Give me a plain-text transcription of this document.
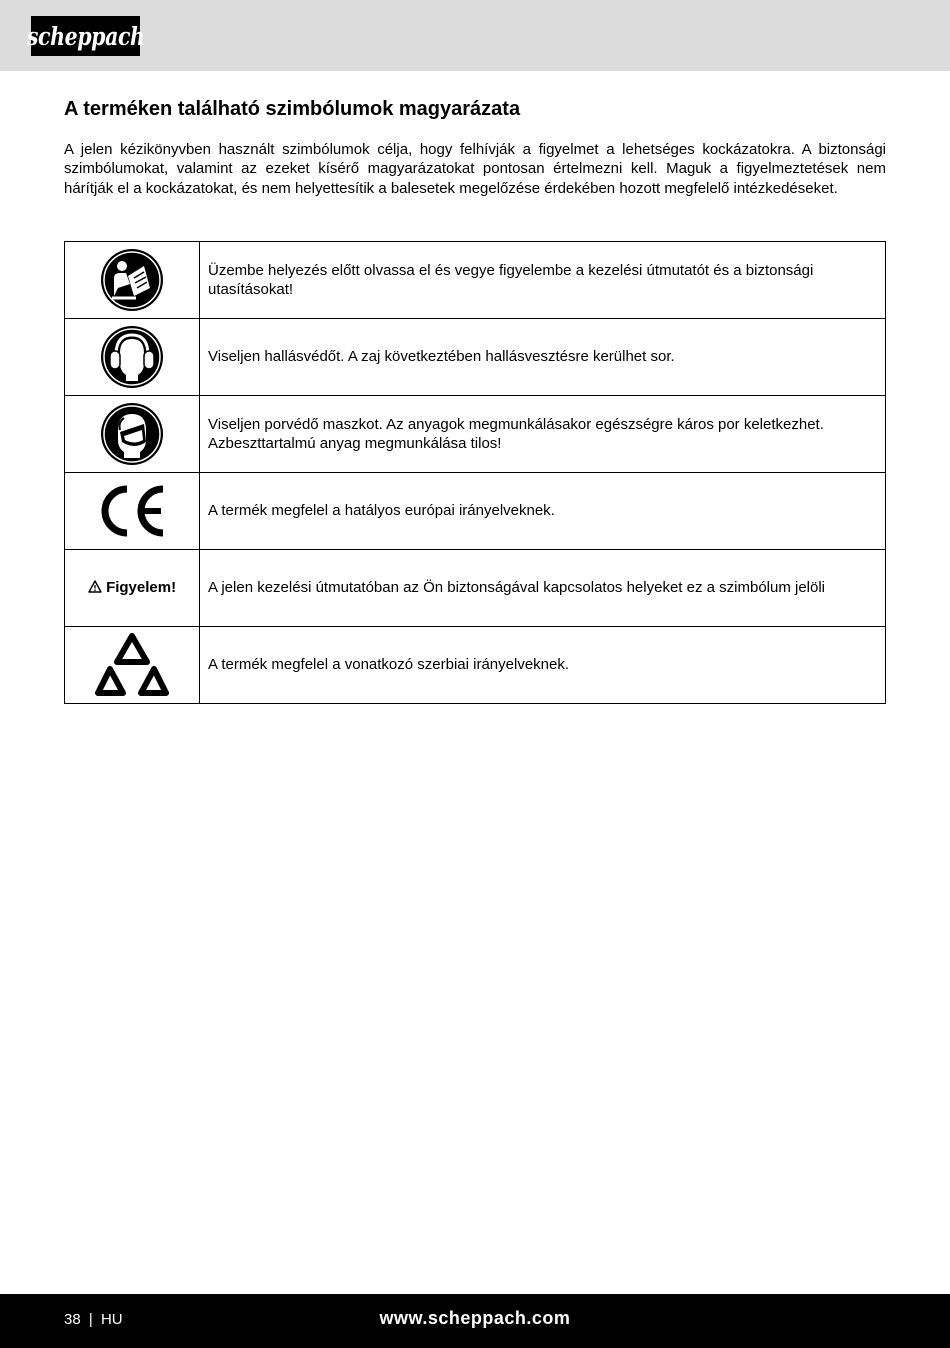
scheppach
A terméken található szimbólumok magyarázata

A jelen kézikönyvben használt szimbólumok célja, hogy felhívják a figyelmet a lehetséges kockázatokra. A biztonsági szimbólumokat, valamint az ezeket kísérő magyarázatokat pontosan értelmezni kell. Maguk a figyelmeztetések nem hárítják el a kockázatokat, és nem helyettesítik a balesetek megelőzése érdekében hozott megfelelő intézkedéseket.

	Üzembe helyezés előtt olvassa el és vegye figyelembe a kezelési útmutatót és a biztonsági utasításokat!

	Viseljen hallásvédőt. A zaj következtében hallásvesztésre kerülhet sor.

	Viseljen porvédő maszkot. Az anyagok megmunkálásakor egészségre káros por keletkezhet. Azbeszttartalmú anyag megmunkálása tilos!

	A termék megfelel a hatályos európai irányelveknek.
Figyelem!	A jelen kezelési útmutatóban az Ön biztonságával kapcsolatos helyeket ez a szimbólum jelöli

	A termék megfelel a vonatkozó szerbiai irányelveknek.
38 | HU	www.scheppach.com
